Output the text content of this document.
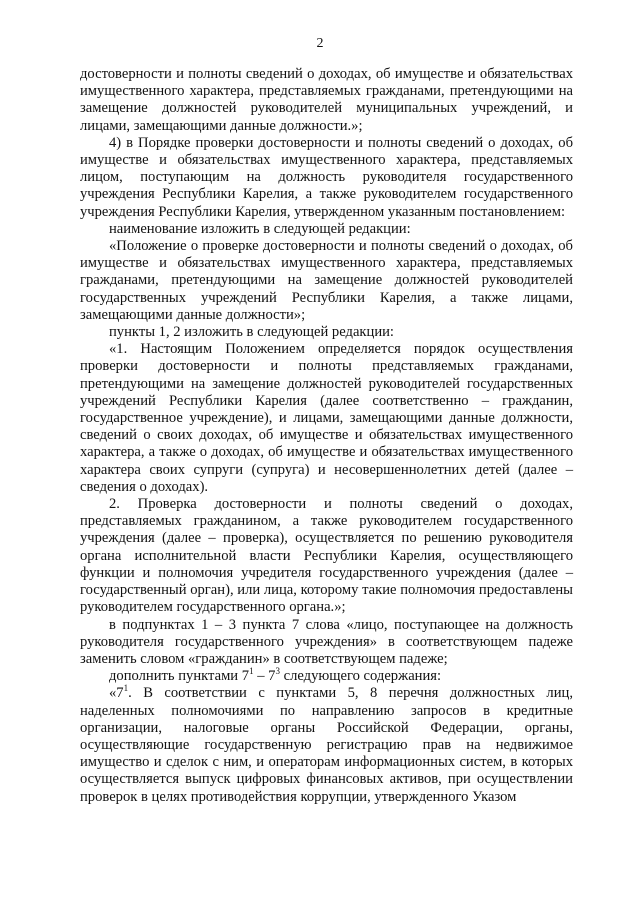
2

достоверности и полноты сведений о доходах, об имуществе и обязательствах имущественного характера, представляемых гражданами, претендующими на замещение должностей руководителей муниципальных учреждений, и лицами, замещающими данные должности.»;

4) в Порядке проверки достоверности и полноты сведений о доходах, об имуществе и обязательствах имущественного характера, представляемых лицом, поступающим на должность руководителя государственного учреждения Республики Карелия, а также руководителем государственного учреждения Республики Карелия, утвержденном указанным постановлением:

наименование изложить в следующей редакции:

«Положение о проверке достоверности и полноты сведений о доходах, об имуществе и обязательствах имущественного характера, представляемых гражданами, претендующими на замещение должностей руководителей государственных учреждений Республики Карелия, а также лицами, замещающими данные должности»;

пункты 1, 2 изложить в следующей редакции:

«1. Настоящим Положением определяется порядок осуществления проверки достоверности и полноты представляемых гражданами, претендующими на замещение должностей руководителей государственных учреждений Республики Карелия (далее соответственно – гражданин, государственное учреждение), и лицами, замещающими данные должности, сведений о своих доходах, об имуществе и обязательствах имущественного характера, а также о доходах, об имуществе и обязательствах имущественного характера своих супруги (супруга) и несовершеннолетних детей (далее – сведения о доходах).

2. Проверка достоверности и полноты сведений о доходах, представляемых гражданином, а также руководителем государственного учреждения (далее – проверка), осуществляется по решению руководителя органа исполнительной власти Республики Карелия, осуществляющего функции и полномочия учредителя государственного учреждения (далее – государственный орган), или лица, которому такие полномочия предоставлены руководителем государственного органа.»;

в подпунктах 1 – 3 пункта 7 слова «лицо, поступающее на должность руководителя государственного учреждения» в соответствующем падеже заменить словом «гражданин» в соответствующем падеже;

дополнить пунктами $7^1 - 7^3$ следующего содержания:

«$7^1$. В соответствии с пунктами 5, 8 перечня должностных лиц, наделенных полномочиями по направлению запросов в кредитные организации, налоговые органы Российской Федерации, органы, осуществляющие государственную регистрацию прав на недвижимое имущество и сделок с ним, и операторам информационных систем, в которых осуществляется выпуск цифровых финансовых активов, при осуществлении проверок в целях противодействия коррупции, утвержденного Указом
